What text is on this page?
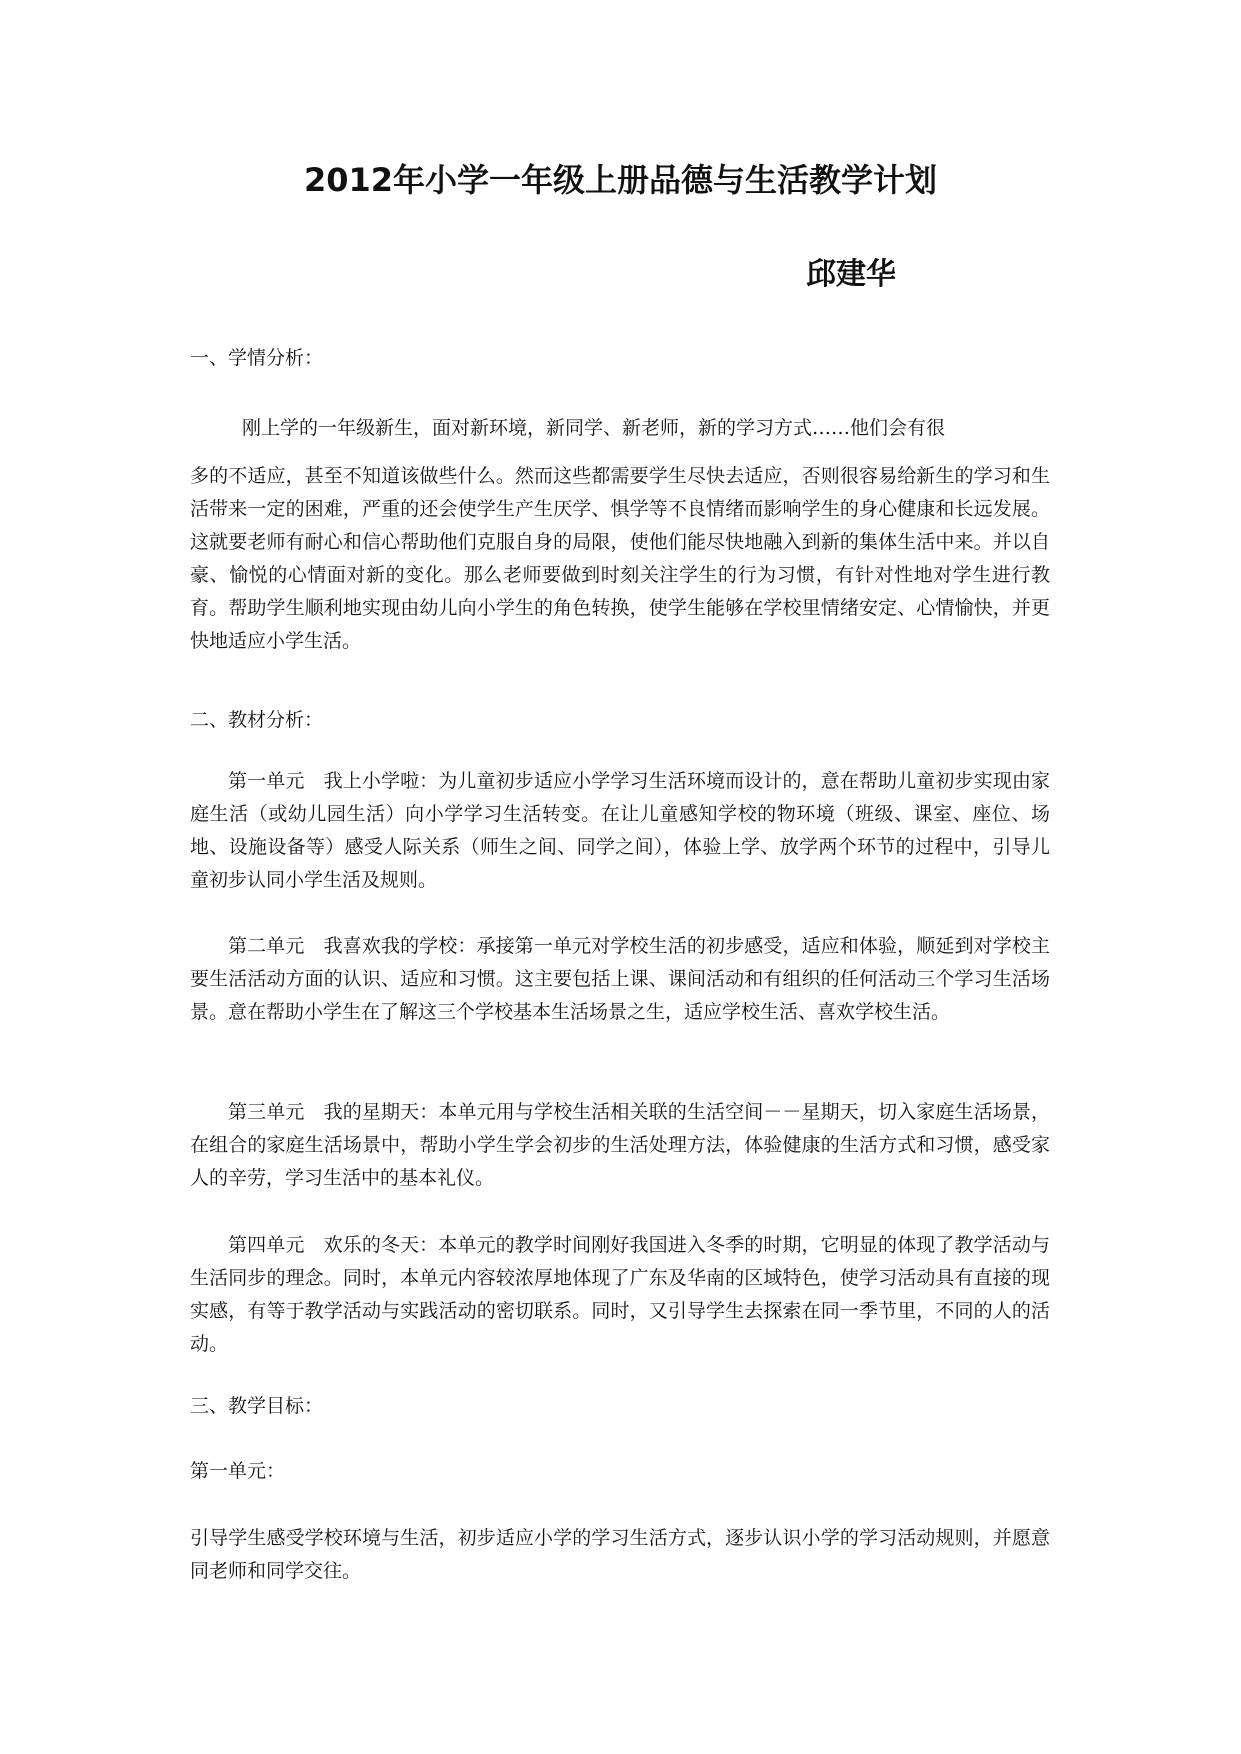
2012年小学一年级上册品德与生活教学计划

邱建华

一、学情分析：

刚上学的一年级新生，面对新环境，新同学、新老师，新的学习方式……他们会有很

多的不适应，甚至不知道该做些什么。然而这些都需要学生尽快去适应，否则很容易给新生的学习和生活带来一定的困难，严重的还会使学生产生厌学、惧学等不良情绪而影响学生的身心健康和长远发展。这就要老师有耐心和信心帮助他们克服自身的局限，使他们能尽快地融入到新的集体生活中来。并以自豪、愉悦的心情面对新的变化。那么老师要做到时刻关注学生的行为习惯，有针对性地对学生进行教育。帮助学生顺利地实现由幼儿向小学生的角色转换，使学生能够在学校里情绪安定、心情愉快，并更快地适应小学生活。

二、教材分析：

第一单元　我上小学啦：为儿童初步适应小学学习生活环境而设计的，意在帮助儿童初步实现由家庭生活（或幼儿园生活）向小学学习生活转变。在让儿童感知学校的物环境（班级、课室、座位、场地、设施设备等）感受人际关系（师生之间、同学之间），体验上学、放学两个环节的过程中，引导儿童初步认同小学生活及规则。

第二单元　我喜欢我的学校：承接第一单元对学校生活的初步感受，适应和体验，顺延到对学校主要生活活动方面的认识、适应和习惯。这主要包括上课、课间活动和有组织的任何活动三个学习生活场景。意在帮助小学生在了解这三个学校基本生活场景之生，适应学校生活、喜欢学校生活。

第三单元　我的星期天：本单元用与学校生活相关联的生活空间－－星期天，切入家庭生活场景，在组合的家庭生活场景中，帮助小学生学会初步的生活处理方法，体验健康的生活方式和习惯，感受家人的辛劳，学习生活中的基本礼仪。

第四单元　欢乐的冬天：本单元的教学时间刚好我国进入冬季的时期，它明显的体现了教学活动与生活同步的理念。同时，本单元内容较浓厚地体现了广东及华南的区域特色，使学习活动具有直接的现实感，有等于教学活动与实践活动的密切联系。同时，又引导学生去探索在同一季节里，不同的人的活动。

三、教学目标：

第一单元：

引导学生感受学校环境与生活，初步适应小学的学习生活方式，逐步认识小学的学习活动规则，并愿意同老师和同学交往。
